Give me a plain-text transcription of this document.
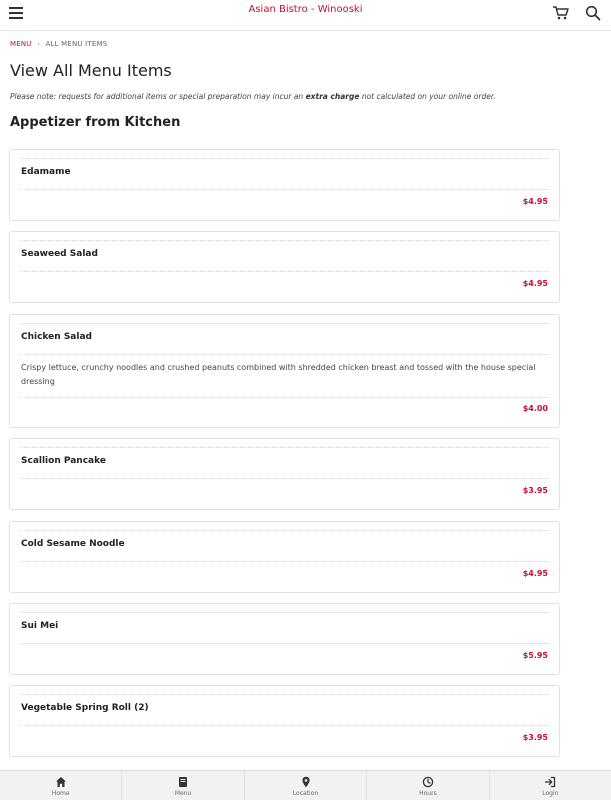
Asian Bistro - Winooski
MENU › ALL MENU ITEMS
View All Menu Items
Please note: requests for additional items or special preparation may incur an extra charge not calculated on your online order.
Appetizer from Kitchen
Edamame
$4.95
Seaweed Salad
$4.95
Chicken Salad
Crispy lettuce, crunchy noodles and crushed peanuts combined with shredded chicken breast and tossed with the house special dressing
$4.00
Scallion Pancake
$3.95
Cold Sesame Noodle
$4.95
Sui Mei
$5.95
Vegetable Spring Roll (2)
$3.95
Home	Menu	Location	Hours	Login
